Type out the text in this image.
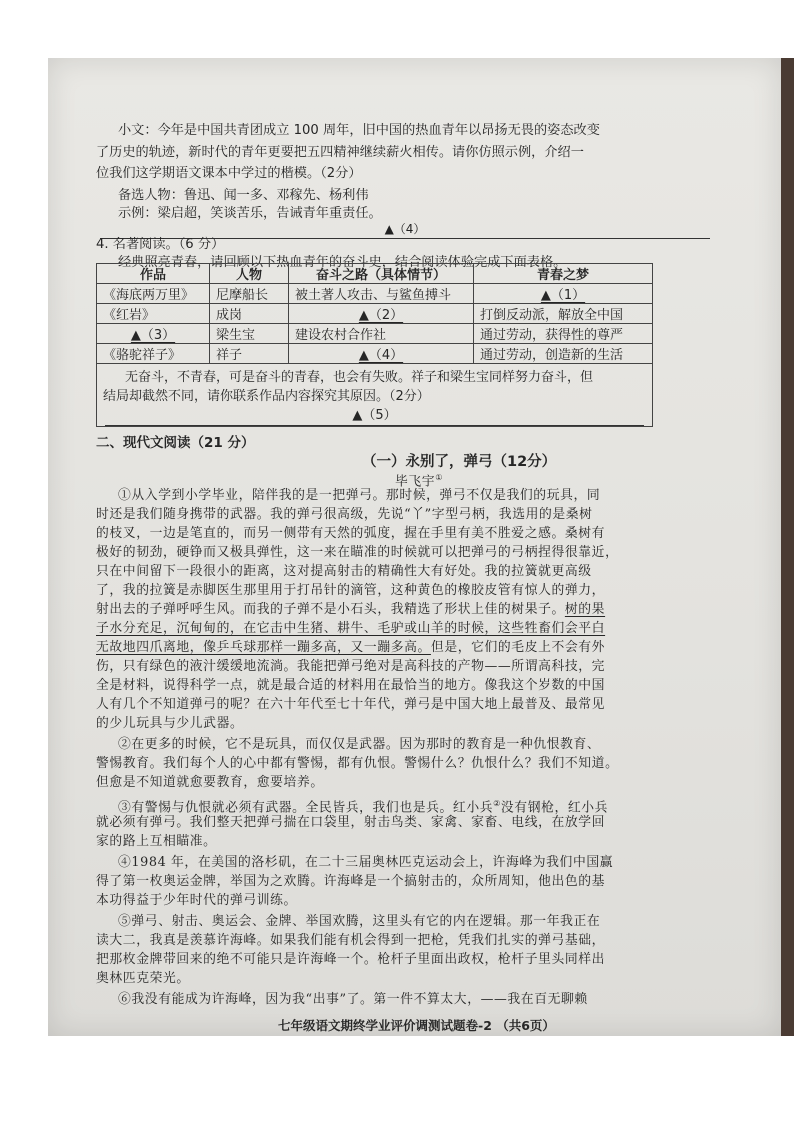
小文：今年是中国共青团成立 100 周年，旧中国的热血青年以昂扬无畏的姿态改变
了历史的轨迹，新时代的青年更要把五四精神继续薪火相传。请你仿照示例，介绍一
位我们这学期语文课本中学过的楷模。（2分）
备选人物：鲁迅、闻一多、邓稼先、杨利伟
示例：梁启超，笑谈苦乐，告诫青年重责任。
▲（4）
4. 名著阅读。（6 分）
经典照亮青春，请回顾以下热血青年的奋斗史，结合阅读体验完成下面表格。
作品	人物	奋斗之路（具体情节）	青春之梦
《海底两万里》	尼摩船长	被土著人攻击、与鲨鱼搏斗	▲（1）
《红岩》	成岗	▲（2）	打倒反动派，解放全中国
▲（3）	梁生宝	建设农村合作社	通过劳动，获得性的尊严
《骆驼祥子》	祥子	▲（4）	通过劳动，创造新的生活

无奋斗，不青春，可是奋斗的青春，也会有失败。祥子和梁生宝同样努力奋斗，但
结局却截然不同，请你联系作品内容探究其原因。（2分）
▲（5）			
二、现代文阅读（21 分）
（一）永别了，弹弓（12分）
毕飞宇①
①从入学到小学毕业，陪伴我的是一把弹弓。那时候，弹弓不仅是我们的玩具，同
时还是我们随身携带的武器。我的弹弓很高级，先说“丫”字型弓柄，我选用的是桑树
的枝叉，一边是笔直的，而另一侧带有天然的弧度，握在手里有美不胜爱之感。桑树有
极好的韧劲，硬铮而又极具弹性，这一来在瞄准的时候就可以把弹弓的弓柄捏得很靠近，
只在中间留下一段很小的距离，这对提高射击的精确性大有好处。我的拉簧就更高级
了，我的拉簧是赤脚医生那里用于打吊针的滴管，这种黄色的橡胶皮管有惊人的弹力，
射出去的子弹呼呼生风。而我的子弹不是小石头，我精选了形状上佳的树果子。树的果
子水分充足，沉甸甸的，在它击中生猪、耕牛、毛驴或山羊的时候，这些牲畜们会平白
无故地四爪离地，像乒乓球那样一蹦多高，又一蹦多高。但是，它们的毛皮上不会有外
伤，只有绿色的液汁缓缓地流淌。我能把弹弓绝对是高科技的产物——所谓高科技，完
全是材料，说得科学一点，就是最合适的材料用在最恰当的地方。像我这个岁数的中国
人有几个不知道弹弓的呢？在六十年代至七十年代，弹弓是中国大地上最普及、最常见
的少儿玩具与少儿武器。
②在更多的时候，它不是玩具，而仅仅是武器。因为那时的教育是一种仇恨教育、
警惕教育。我们每个人的心中都有警惕，都有仇恨。警惕什么？仇恨什么？我们不知道。
但愈是不知道就愈要教育，愈要培养。
③有警惕与仇恨就必须有武器。全民皆兵，我们也是兵。红小兵②没有钢枪，红小兵
就必须有弹弓。我们整天把弹弓揣在口袋里，射击鸟类、家禽、家畜、电线，在放学回
家的路上互相瞄准。
④1984 年，在美国的洛杉矶，在二十三届奥林匹克运动会上，许海峰为我们中国赢
得了第一枚奥运金牌，举国为之欢腾。许海峰是一个搞射击的，众所周知，他出色的基
本功得益于少年时代的弹弓训练。
⑤弹弓、射击、奥运会、金牌、举国欢腾，这里头有它的内在逻辑。那一年我正在
读大二，我真是羡慕许海峰。如果我们能有机会得到一把枪，凭我们扎实的弹弓基础，
把那枚金牌带回来的绝不可能只是许海峰一个。枪杆子里面出政权，枪杆子里头同样出
奥林匹克荣光。
⑥我没有能成为许海峰，因为我“出事”了。第一件不算太大，——我在百无聊赖
七年级语文期终学业评价调测试题卷-2 （共6页）
